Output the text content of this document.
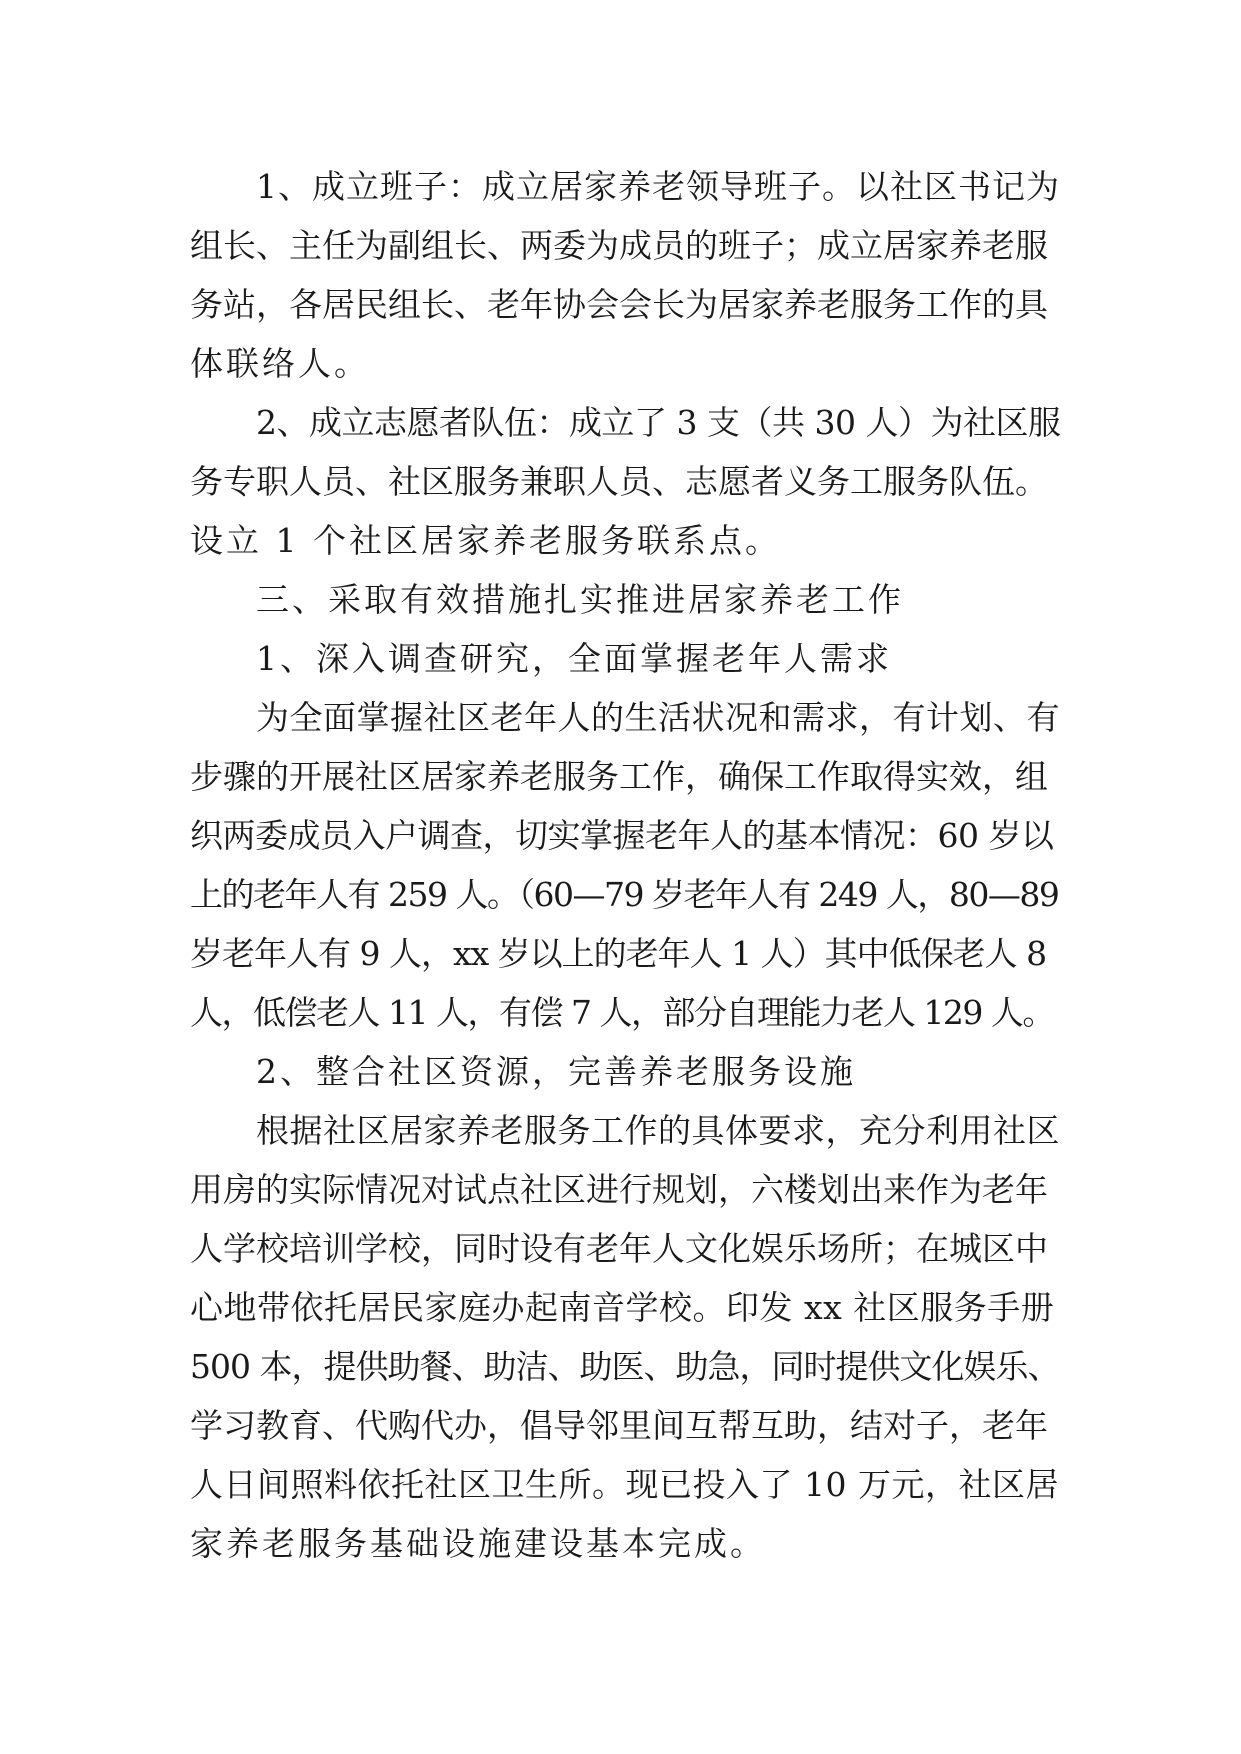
1、成立班子：成立居家养老领导班子。以社区书记为
组长、主任为副组长、两委为成员的班子；成立居家养老服
务站，各居民组长、老年协会会长为居家养老服务工作的具
体联络人。
2、成立志愿者队伍：成立了 3 支（共 30 人）为社区服
务专职人员、社区服务兼职人员、志愿者义务工服务队伍。
设立 1 个社区居家养老服务联系点。
三、采取有效措施扎实推进居家养老工作
1、深入调查研究，全面掌握老年人需求
为全面掌握社区老年人的生活状况和需求，有计划、有
步骤的开展社区居家养老服务工作，确保工作取得实效，组
织两委成员入户调查，切实掌握老年人的基本情况：60 岁以
上的老年人有 259 人。（60—79 岁老年人有 249 人，80—89
岁老年人有 9 人，xx 岁以上的老年人 1 人）其中低保老人 8
人，低偿老人 11 人，有偿 7 人，部分自理能力老人 129 人。
2、整合社区资源，完善养老服务设施
根据社区居家养老服务工作的具体要求，充分利用社区
用房的实际情况对试点社区进行规划，六楼划出来作为老年
人学校培训学校，同时设有老年人文化娱乐场所；在城区中
心地带依托居民家庭办起南音学校。印发 xx 社区服务手册
500 本，提供助餐、助洁、助医、助急，同时提供文化娱乐、
学习教育、代购代办，倡导邻里间互帮互助，结对子，老年
人日间照料依托社区卫生所。现已投入了 10 万元，社区居
家养老服务基础设施建设基本完成。
